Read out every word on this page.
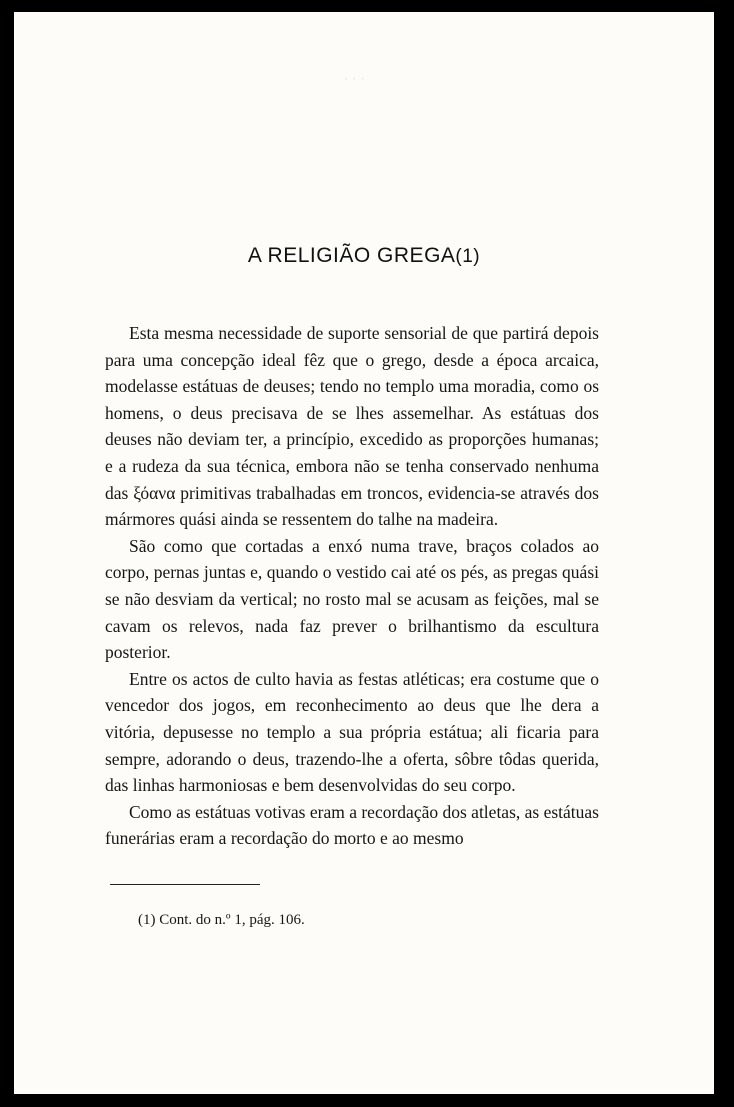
· · ·
A RELIGIÃO GREGA(1)

Esta mesma necessidade de suporte sensorial de que partirá depois para uma concepção ideal fêz que o grego, desde a época arcaica, modelasse estátuas de deuses; tendo no templo uma moradia, como os homens, o deus precisava de se lhes assemelhar. As estátuas dos deuses não deviam ter, a princípio, excedido as proporções humanas; e a rudeza da sua técnica, embora não se tenha conservado nenhuma das ξόανα primitivas trabalhadas em troncos, evidencia-se através dos mármores quási ainda se ressentem do talhe na madeira.

São como que cortadas a enxó numa trave, braços colados ao corpo, pernas juntas e, quando o vestido cai até os pés, as pregas quási se não desviam da vertical; no rosto mal se acusam as feições, mal se cavam os relevos, nada faz prever o brilhantismo da escultura posterior.

Entre os actos de culto havia as festas atléticas; era costume que o vencedor dos jogos, em reconhecimento ao deus que lhe dera a vitória, depusesse no templo a sua própria estátua; ali ficaria para sempre, adorando o deus, trazendo-lhe a oferta, sôbre tôdas querida, das linhas harmoniosas e bem desenvolvidas do seu corpo.

Como as estátuas votivas eram a recordação dos atletas, as estátuas funerárias eram a recordação do morto e ao mesmo

(1) Cont. do n.º 1, pág. 106.
